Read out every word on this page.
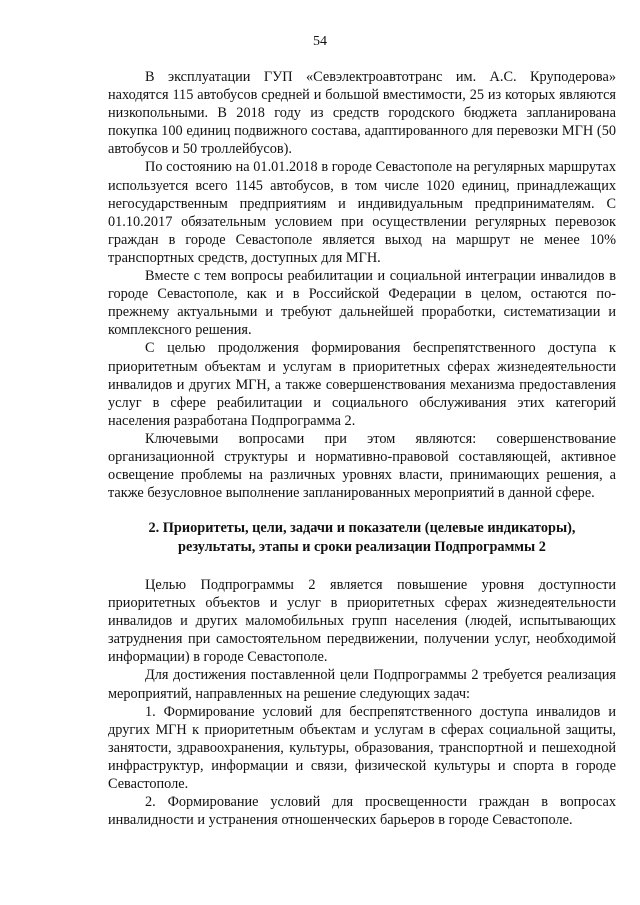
54

В эксплуатации ГУП «Севэлектроавтотранс им. А.С. Круподерова» находятся 115 автобусов средней и большой вместимости, 25 из которых являются низкопольными. В 2018 году из средств городского бюджета запланирована покупка 100 единиц подвижного состава, адаптированного для перевозки МГН (50 автобусов и 50 троллейбусов).

По состоянию на 01.01.2018 в городе Севастополе на регулярных маршрутах используется всего 1145 автобусов, в том числе 1020 единиц, принадлежащих негосударственным предприятиям и индивидуальным предпринимателям. С 01.10.2017 обязательным условием при осуществлении регулярных перевозок граждан в городе Севастополе является выход на маршрут не менее 10% транспортных средств, доступных для МГН.

Вместе с тем вопросы реабилитации и социальной интеграции инвалидов в городе Севастополе, как и в Российской Федерации в целом, остаются по-прежнему актуальными и требуют дальнейшей проработки, систематизации и комплексного решения.

С целью продолжения формирования беспрепятственного доступа к приоритетным объектам и услугам в приоритетных сферах жизнедеятельности инвалидов и других МГН, а также совершенствования механизма предоставления услуг в сфере реабилитации и социального обслуживания этих категорий населения разработана Подпрограмма 2.

Ключевыми вопросами при этом являются: совершенствование организационной структуры и нормативно-правовой составляющей, активное освещение проблемы на различных уровнях власти, принимающих решения, а также безусловное выполнение запланированных мероприятий в данной сфере.

2. Приоритеты, цели, задачи и показатели (целевые индикаторы),
результаты, этапы и сроки реализации Подпрограммы 2

Целью Подпрограммы 2 является повышение уровня доступности приоритетных объектов и услуг в приоритетных сферах жизнедеятельности инвалидов и других маломобильных групп населения (людей, испытывающих затруднения при самостоятельном передвижении, получении услуг, необходимой информации) в городе Севастополе.

Для достижения поставленной цели Подпрограммы 2 требуется реализация мероприятий, направленных на решение следующих задач:

1. Формирование условий для беспрепятственного доступа инвалидов и других МГН к приоритетным объектам и услугам в сферах социальной защиты, занятости, здравоохранения, культуры, образования, транспортной и пешеходной инфраструктур, информации и связи, физической культуры и спорта в городе Севастополе.

2. Формирование условий для просвещенности граждан в вопросах инвалидности и устранения отношенческих барьеров в городе Севастополе.
